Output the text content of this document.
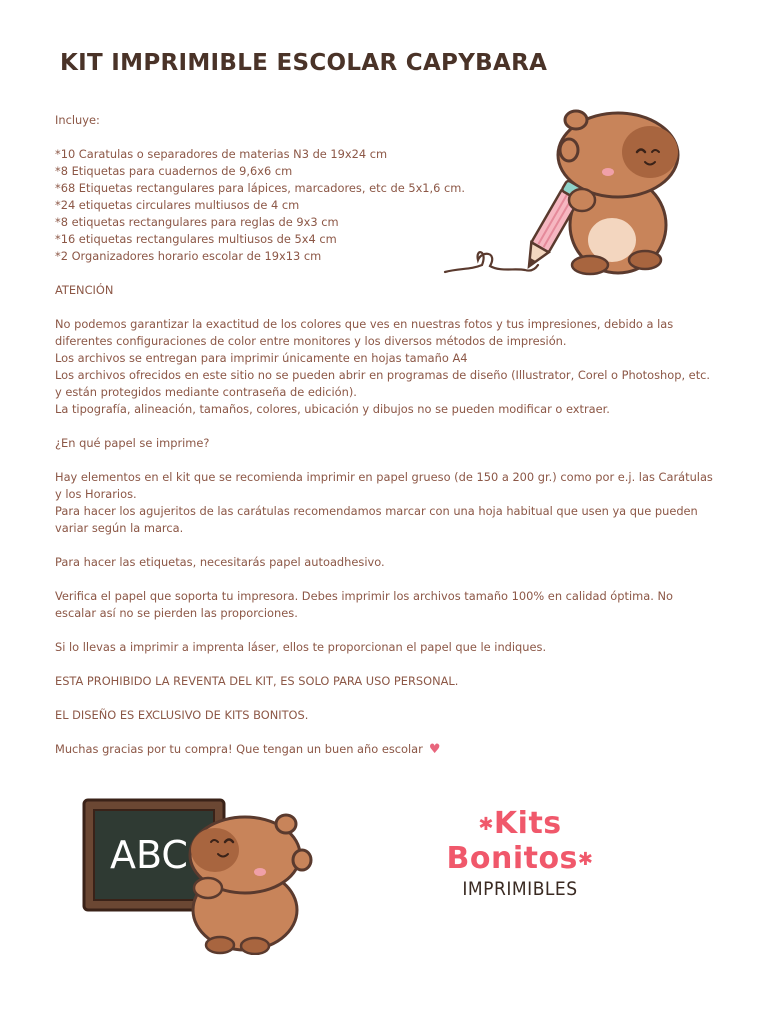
KIT IMPRIMIBLE ESCOLAR CAPYBARA

Incluye:

*10 Caratulas o separadores de materias N3 de 19x24 cm

*8 Etiquetas para cuadernos de 9,6x6 cm

*68 Etiquetas rectangulares para lápices, marcadores, etc de 5x1,6 cm.

*24 etiquetas circulares multiusos de 4 cm

*8 etiquetas rectangulares para reglas de 9x3 cm

*16 etiquetas rectangulares multiusos de 5x4 cm

*2 Organizadores horario escolar de 19x13 cm

ATENCIÓN

No podemos garantizar la exactitud de los colores que ves en nuestras fotos y tus impresiones, debido a las diferentes configuraciones de color entre monitores y los diversos métodos de impresión.

Los archivos se entregan para imprimir únicamente en hojas tamaño A4

Los archivos ofrecidos en este sitio no se pueden abrir en programas de diseño (Illustrator, Corel o Photoshop, etc. y están protegidos mediante contraseña de edición).

La tipografía, alineación, tamaños, colores, ubicación y dibujos no se pueden modificar o extraer.

¿En qué papel se imprime?

Hay elementos en el kit que se recomienda imprimir en papel grueso (de 150 a 200 gr.) como por e.j. las Carátulas y los Horarios.

Para hacer los agujeritos de las carátulas recomendamos marcar con una hoja habitual que usen ya que pueden variar según la marca.

Para hacer las etiquetas, necesitarás papel autoadhesivo.

Verifica el papel que soporta tu impresora. Debes imprimir los archivos tamaño 100% en calidad óptima. No escalar así no se pierden las proporciones.

Si lo llevas a imprimir a imprenta láser, ellos te proporcionan el papel que le indiques.

ESTA PROHIBIDO LA REVENTA DEL KIT, ES SOLO PARA USO PERSONAL.

EL DISEÑO ES EXCLUSIVO DE KITS BONITOS.

Muchas gracias por tu compra! Que tengan un buen año escolar ♥

ABC
✱Kits Bonitos✱
IMPRIMIBLES
